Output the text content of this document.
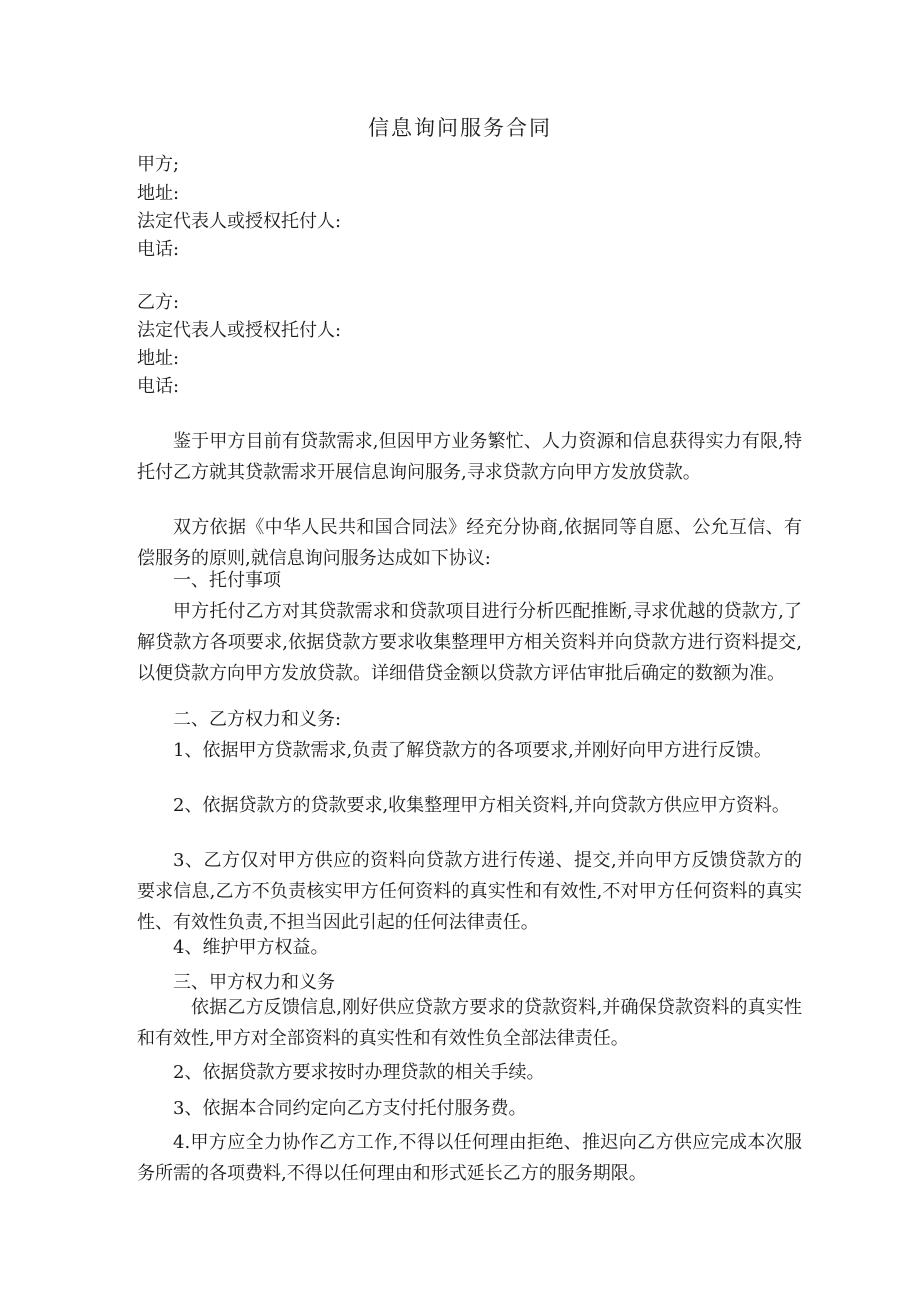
信息询问服务合同
甲方;
地址:
法定代表人或授权托付人:
电话:
乙方:
法定代表人或授权托付人:
地址:
电话:

鉴于甲方目前有贷款需求,但因甲方业务繁忙、人力资源和信息获得实力有限,特托付乙方就其贷款需求开展信息询问服务,寻求贷款方向甲方发放贷款。

双方依据《中华人民共和国合同法》经充分协商,依据同等自愿、公允互信、有偿服务的原则,就信息询问服务达成如下协议:

一、托付事项

甲方托付乙方对其贷款需求和贷款项目进行分析匹配推断,寻求优越的贷款方,了解贷款方各项要求,依据贷款方要求收集整理甲方相关资料并向贷款方进行资料提交,以便贷款方向甲方发放贷款。详细借贷金额以贷款方评估审批后确定的数额为准。

二、乙方权力和义务:

1、依据甲方贷款需求,负责了解贷款方的各项要求,并刚好向甲方进行反馈。

2、依据贷款方的贷款要求,收集整理甲方相关资料,并向贷款方供应甲方资料。

3、乙方仅对甲方供应的资料向贷款方进行传递、提交,并向甲方反馈贷款方的要求信息,乙方不负责核实甲方任何资料的真实性和有效性,不对甲方任何资料的真实性、有效性负责,不担当因此引起的任何法律责任。

4、维护甲方权益。

三、甲方权力和义务

依据乙方反馈信息,刚好供应贷款方要求的贷款资料,并确保贷款资料的真实性和有效性,甲方对全部资料的真实性和有效性负全部法律责任。

2、依据贷款方要求按时办理贷款的相关手续。

3、依据本合同约定向乙方支付托付服务费。

4.甲方应全力协作乙方工作,不得以任何理由拒绝、推迟向乙方供应完成本次服务所需的各项费料,不得以任何理由和形式延长乙方的服务期限。
